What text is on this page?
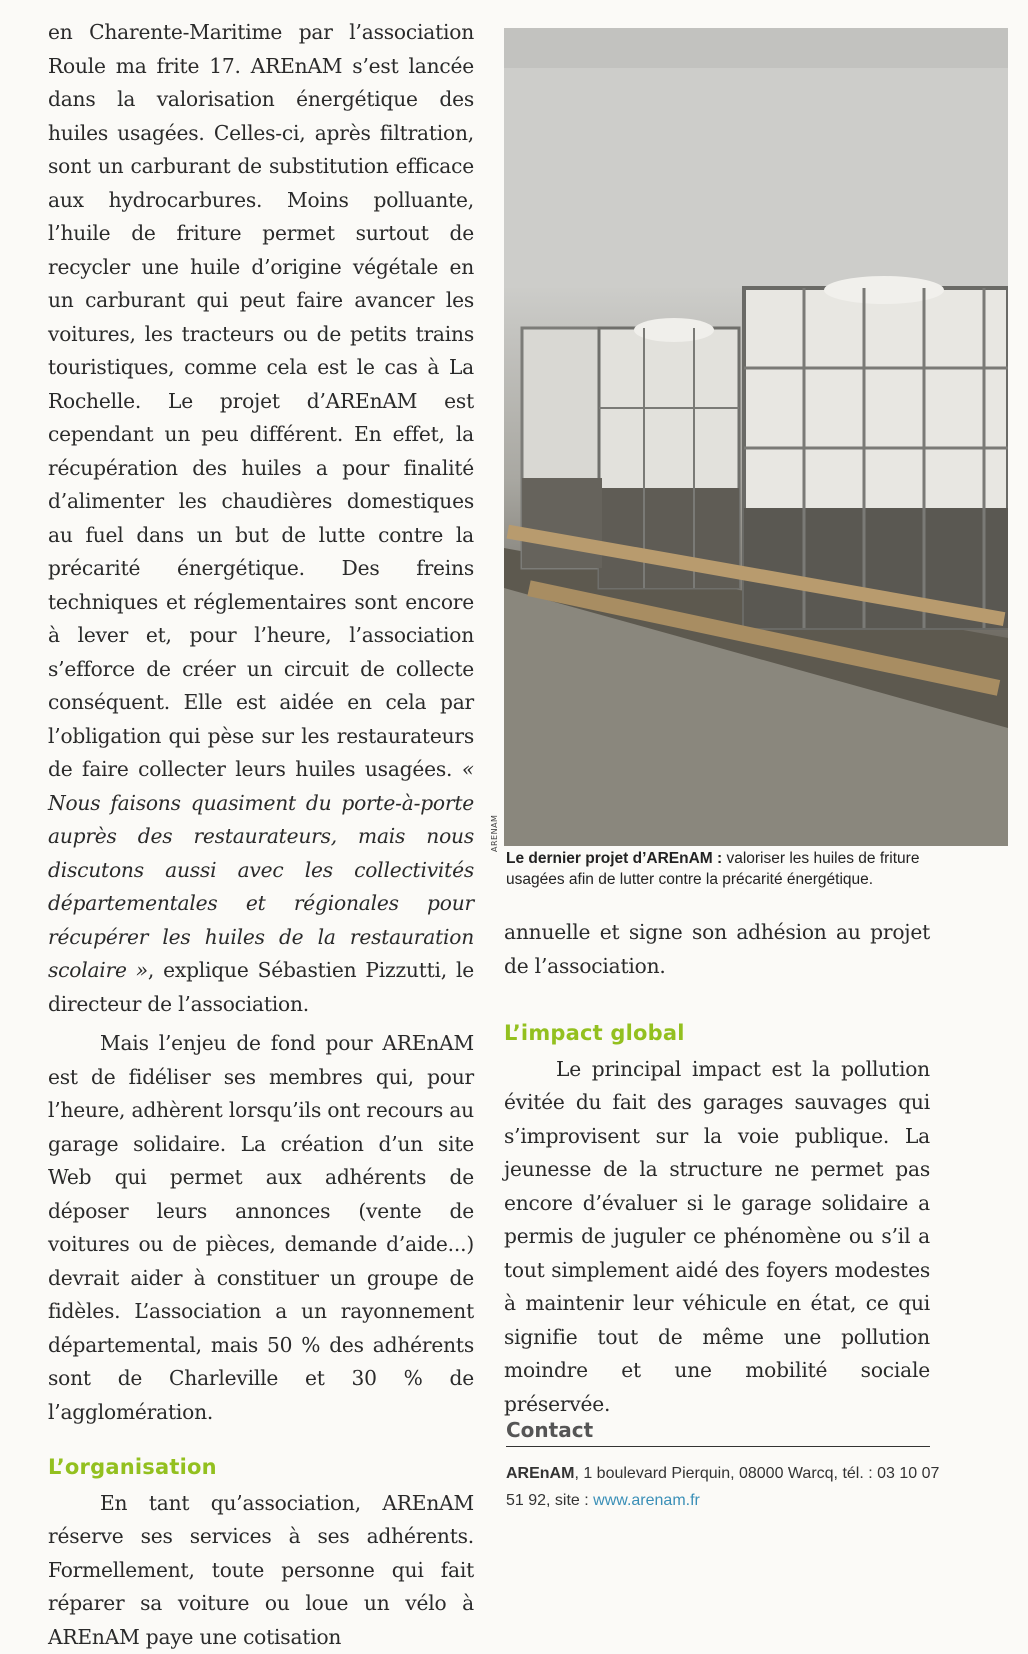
en Charente-Maritime par l’association Roule ma frite 17. AREnAM s’est lancée dans la valorisation énergétique des huiles usagées. Celles-ci, après filtration, sont un carburant de substitution efficace aux hydrocarbures. Moins polluante, l’huile de friture permet surtout de recycler une huile d’origine végétale en un carburant qui peut faire avancer les voitures, les tracteurs ou de petits trains touristiques, comme cela est le cas à La Rochelle. Le projet d’AREnAM est cependant un peu différent. En effet, la récupération des huiles a pour finalité d’alimenter les chaudières domestiques au fuel dans un but de lutte contre la précarité énergétique. Des freins techniques et réglementaires sont encore à lever et, pour l’heure, l’association s’efforce de créer un circuit de collecte conséquent. Elle est aidée en cela par l’obligation qui pèse sur les restaurateurs de faire collecter leurs huiles usagées. « Nous faisons quasiment du porte-à-porte auprès des restaurateurs, mais nous discutons aussi avec les collectivités départementales et régionales pour récupérer les huiles de la restauration scolaire », explique Sébastien Pizzutti, le directeur de l’association.

Mais l’enjeu de fond pour AREnAM est de fidéliser ses membres qui, pour l’heure, adhèrent lorsqu’ils ont recours au garage solidaire. La création d’un site Web qui permet aux adhérents de déposer leurs annonces (vente de voitures ou de pièces, demande d’aide...) devrait aider à constituer un groupe de fidèles. L’association a un rayonnement départemental, mais 50 % des adhérents sont de Charleville et 30 % de l’agglomération.

L’organisation

En tant qu’association, AREnAM réserve ses services à ses adhérents. Formellement, toute personne qui fait réparer sa voiture ou loue un vélo à AREnAM paye une cotisation

ARENAM
Le dernier projet d’AREnAM : valoriser les huiles de friture usagées afin de lutter contre la précarité énergétique.

annuelle et signe son adhésion au projet de l’association.

L’impact global

Le principal impact est la pollution évitée du fait des garages sauvages qui s’improvisent sur la voie publique. La jeunesse de la structure ne permet pas encore d’évaluer si le garage solidaire a permis de juguler ce phénomène ou s’il a tout simplement aidé des foyers modestes à maintenir leur véhicule en état, ce qui signifie tout de même une pollution moindre et une mobilité sociale préservée.

Contact
AREnAM, 1 boulevard Pierquin, 08000 Warcq, tél. : 03 10 07 51 92, site : www.arenam.fr
